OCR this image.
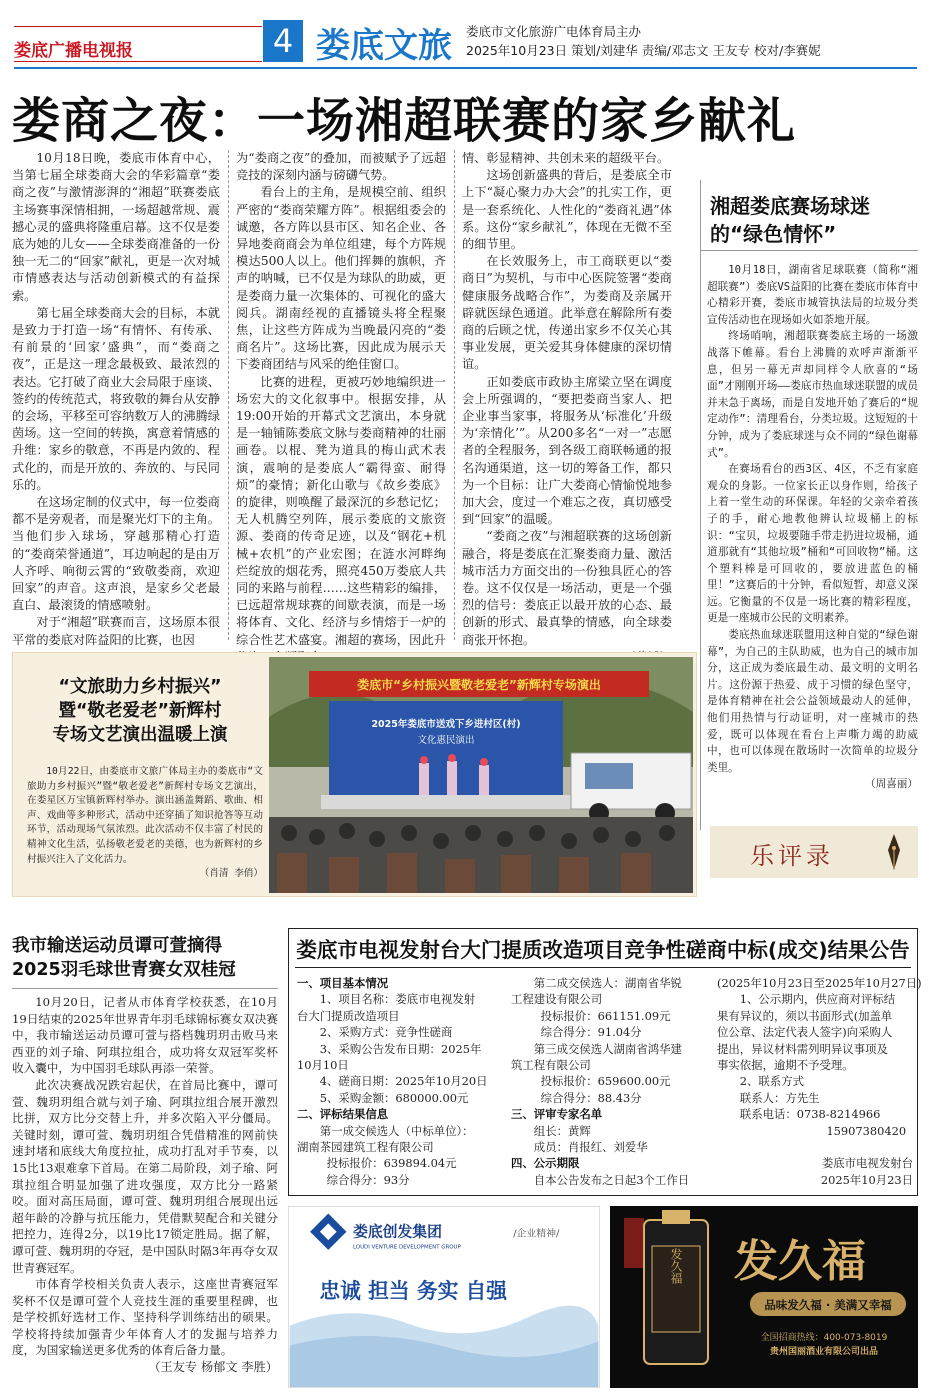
娄底广播电视报	4 娄底文旅 娄底市文化旅游广电体育局主办
2025年10月23日 策划/刘建华 责编/邓志文 王友专 校对/李赛妮
娄商之夜：一场湘超联赛的家乡献礼

10月18日晚，娄底市体育中心，当第七届全球娄商大会的华彩篇章“娄商之夜”与激情澎湃的“湘超”联赛娄底主场赛事深情相拥，一场超越常规、震撼心灵的盛典将隆重启幕。这不仅是娄底为她的儿女——全球娄商准备的一份独一无二的“回家”献礼，更是一次对城市情感表达与活动创新模式的有益探索。

第七届全球娄商大会的目标，本就是致力于打造一场“有情怀、有传承、有前景的‘回家’盛典”，而“娄商之夜”，正是这一理念最极致、最浓烈的表达。它打破了商业大会局限于座谈、签约的传统范式，将致敬的舞台从安静的会场，平移至可容纳数万人的沸腾绿茵场。这一空间的转换，寓意着情感的升维：家乡的敬意，不再是内敛的、程式化的，而是开放的、奔放的、与民同乐的。

在这场定制的仪式中，每一位娄商都不是旁观者，而是聚光灯下的主角。当他们步入球场，穿越那精心打造的“娄商荣誉通道”，耳边响起的是由万人齐呼、响彻云霄的“致敬娄商，欢迎回家”的声音。这声浪，是家乡父老最直白、最滚烫的情感喷射。

对于“湘超”联赛而言，这场原本很平常的娄底对阵益阳的比赛，也因

为“娄商之夜”的叠加，而被赋予了远超竞技的深刻内涵与磅礴气势。

看台上的主角，是规模空前、组织严密的“娄商荣耀方阵”。根据组委会的诚邀，各方阵以县市区、知名企业、各异地娄商商会为单位组建，每个方阵规模达500人以上。他们挥舞的旗帜，齐声的呐喊，已不仅是为球队的助威，更是娄商力量一次集体的、可视化的盛大阅兵。湖南经视的直播镜头将全程聚焦，让这些方阵成为当晚最闪亮的“娄商名片”。这场比赛，因此成为展示天下娄商团结与风采的绝佳窗口。

比赛的进程，更被巧妙地编织进一场宏大的文化叙事中。根据安排，从19:00开始的开幕式文艺演出，本身就是一轴铺陈娄底文脉与娄商精神的壮丽画卷。以棍、凳为道具的梅山武术表演，震响的是娄底人“霸得蛮、耐得烦”的豪情；新化山歌与《故乡娄底》的旋律，则唤醒了最深沉的乡愁记忆；无人机腾空列阵，展示娄底的文旅资源、娄商的传奇足迹，以及“钢花+机械+农机”的产业宏图；在涟水河畔绚烂绽放的烟花秀，照亮450万娄底人共同的来路与前程……这些精彩的编排，已远超常规球赛的间歇表演，而是一场将体育、文化、经济与乡情熔于一炉的综合性艺术盛宴。湘超的赛场，因此升

情、彰显精神、共创未来的超级平台。

这场创新盛典的背后，是娄底全市上下“凝心聚力办大会”的扎实工作，更是一套系统化、人性化的“娄商礼遇”体系。这份“家乡献礼”，体现在无微不至的细节里。

在长效服务上，市工商联更以“娄商日”为契机，与市中心医院签署“娄商健康服务战略合作”，为娄商及亲属开辟就医绿色通道。此举意在解除所有娄商的后顾之忧，传递出家乡不仅关心其事业发展，更关爱其身体健康的深切情谊。

正如娄底市政协主席梁立坚在调度会上所强调的，“要把娄商当家人、把企业事当家事，将服务从‘标准化’升级为‘亲情化’”。从200多名“一对一”志愿者的全程服务，到各级工商联畅通的报名沟通渠道，这一切的筹备工作，都只为一个目标：让广大娄商心情愉悦地参加大会，度过一个难忘之夜，真切感受到“回家”的温暖。

“娄商之夜”与湘超联赛的这场创新融合，将是娄底在汇聚娄商力量、激活城市活力方面交出的一份独具匠心的答卷。这不仅仅是一场活动，更是一个强烈的信号：娄底正以最开放的心态、最创新的形式、最真挚的情感，向全球娄商张开怀抱。

湘超娄底赛场球迷的“绿色情怀”

10月18日，湖南省足球联赛（简称“湘超联赛”）娄底VS益阳的比赛在娄底市体育中心精彩开赛，娄底市城管执法局的垃圾分类宣传活动也在现场如火如荼地开展。

终场哨响，湘超联赛娄底主场的一场激战落下帷幕。看台上沸腾的欢呼声渐渐平息，但另一幕无声却同样令人欣喜的“场面”才刚刚开场——娄底市热血球迷联盟的成员并未急于离场，而是自发地开始了赛后的“规定动作”：清理看台，分类垃圾。这短短的十分钟，成为了娄底球迷与众不同的“绿色谢幕式”。

在赛场看台的西3区、4区，不乏有家庭观众的身影。一位家长正以身作则，给孩子上着一堂生动的环保课。年轻的父亲牵着孩子的手，耐心地教他辨认垃圾桶上的标识：“宝贝，垃圾要随手带走扔进垃圾桶，通道那就有“其他垃圾”桶和“可回收物”桶。这个塑料棒是可回收的，要放进蓝色的桶里！”这赛后的十分钟，看似短暂，却意义深远。它衡量的不仅是一场比赛的精彩程度，更是一座城市公民的文明素养。

娄底热血球迷联盟用这种自觉的“绿色谢幕”，为自己的主队助威，也为自己的城市加分，这正成为娄底最生动、最文明的文明名片。这份源于热爱、成于习惯的绿色坚守，是体育精神在社会公益领域最动人的延伸，他们用热情与行动证明，对一座城市的热爱，既可以体现在看台上声嘶力竭的助威中，也可以体现在散场时一次简单的垃圾分类里。

（周喜丽）
乐评录
“文旅助力乡村振兴”
暨“敬老爱老”新辉村
专场文艺演出温暖上演

10月22日，由娄底市文旅广体局主办的娄底市“文旅助力乡村振兴”暨“敬老爱老”新辉村专场文艺演出，在娄星区万宝镇新辉村举办。演出涵盖舞蹈、歌曲、相声、戏曲等多种形式，活动中还穿插了知识抢答等互动环节，活动现场气氛浓烈。此次活动不仅丰富了村民的精神文化生活，弘扬敬老爱老的美德，也为新辉村的乡村振兴注入了文化活力。

（肖清 李俏）
娄底市“乡村振兴暨敬老爱老”新辉村专场演出
2025年娄底市送戏下乡进村区(村)
文化惠民演出
我市输送运动员谭可萱摘得
2025羽毛球世青赛女双桂冠

10月20日，记者从市体育学校获悉，在10月19日结束的2025年世界青年羽毛球锦标赛女双决赛中，我市输送运动员谭可萱与搭档魏玥玥击败马来西亚的刘子瑜、阿琪拉组合，成功将女双冠军奖杯收入囊中，为中国羽毛球队再添一荣誉。

此次决赛战况跌宕起伏，在首局比赛中，谭可萱、魏玥玥组合就与刘子瑜、阿琪拉组合展开激烈比拼，双方比分交替上升，并多次陷入平分僵局。关键时刻，谭可萱、魏玥玥组合凭借精准的网前快速封堵和底线大角度拉扯，成功打乱对手节奏，以15比13艰难拿下首局。在第二局阶段，刘子瑜、阿琪拉组合明显加强了进攻强度，双方比分一路紧咬。面对高压局面，谭可萱、魏玥玥组合展现出远超年龄的冷静与抗压能力，凭借默契配合和关键分把控力，连得2分，以19比17锁定胜局。据了解，谭可萱、魏玥玥的夺冠，是中国队时隔3年再夺女双世青赛冠军。

市体育学校相关负责人表示，这座世青赛冠军奖杯不仅是谭可萱个人竞技生涯的重要里程碑，也是学校抓好选材工作、坚持科学训练结出的硕果。学校将持续加强青少年体育人才的发掘与培养力度，为国家输送更多优秀的体育后备力量。

（王友专 杨郁文 李胜）
娄底市电视发射台大门提质改造项目竞争性磋商中标(成交)结果公告
一、项目基本情况
1、项目名称：娄底市电视发射
台大门提质改造项目
2、采购方式：竞争性磋商
3、采购公告发布日期：2025年
10月10日
4、磋商日期：2025年10月20日
5、采购金额：680000.00元
二、评标结果信息
第一成交候选人（中标单位）：
湖南茶园建筑工程有限公司
投标报价：639894.04元
综合得分：93分
第二成交侯选人：湖南省华锐
工程建设有限公司
投标报价：661151.09元
综合得分：91.04分
第三成交侯选人湖南省鸿华建
筑工程有限公司
投标报价：659600.00元
综合得分：88.43分
三、评审专家名单
组长：黄辉
成员：肖报红、刘爱华
四、公示期限
自本公告发布之日起3个工作日
(2025年10月23日至2025年10月27日)
1、公示期内，供应商对评标结
果有异议的，须以书面形式(加盖单
位公章、法定代表人签字)向采购人
提出，异议材料需列明异议事项及
事实依据，逾期不予受理。
2、联系方式
联系人：方先生
联系电话：0738-8214966
15907380420
娄底市电视发射台
2025年10月23日
娄底创发集团
LOUDI VENTURE DEVELOPMENT GROUP
/企业精神/
忠诚 担当 务实 自强
发久福 发久福
品味发久福 · 美满又幸福
全国招商热线：400-073-8019
贵州国丽酒业有限公司出品
